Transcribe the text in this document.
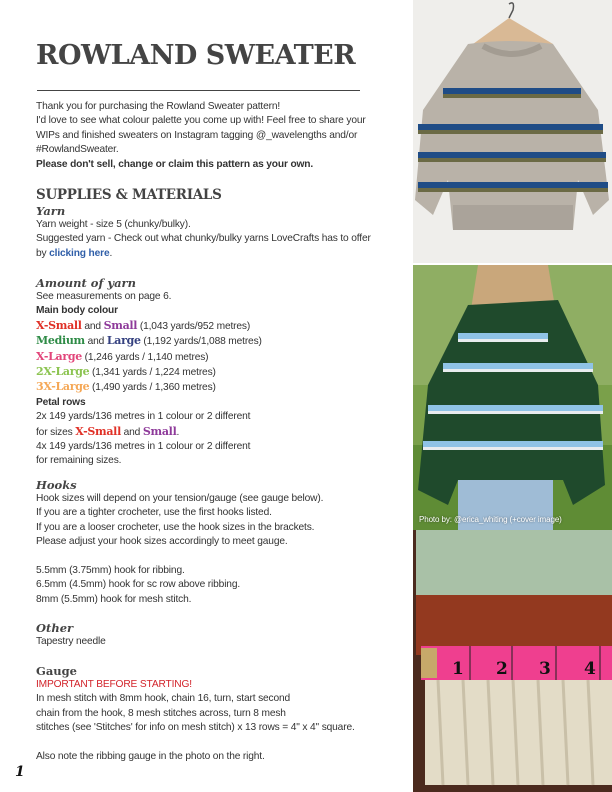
ROWLAND SWEATER
Thank you for purchasing the Rowland Sweater pattern!
I'd love to see what colour palette you come up with! Feel free to share your
WIPs and finished sweaters on Instagram tagging @_wavelengths and/or
#RowlandSweater.
Please don't sell, change or claim this pattern as your own.
SUPPLIES & MATERIALS
Yarn
Yarn weight - size 5 (chunky/bulky).
Suggested yarn - Check out what chunky/bulky yarns LoveCrafts has to offer
by clicking here.
Amount of yarn
See measurements on page 6.
Main body colour
X-Small and Small (1,043 yards/952 metres)
Medium and Large (1,192 yards/1,088 metres)
X-Large (1,246 yards / 1,140 metres)
2X-Large (1,341 yards / 1,224 metres)
3X-Large (1,490 yards / 1,360 metres)
Petal rows
2x 149 yards/136 metres in 1 colour or 2 different
for sizes X-Small and Small.
4x 149 yards/136 metres in 1 colour or 2 different
for remaining sizes.
Hooks
Hook sizes will depend on your tension/gauge (see gauge below).
If you are a tighter crocheter, use the first hooks listed.
If you are a looser crocheter, use the hook sizes in the brackets.
Please adjust your hook sizes accordingly to meet gauge.
5.5mm (3.75mm) hook for ribbing.
6.5mm (4.5mm) hook for sc row above ribbing.
8mm (5.5mm) hook for mesh stitch.
Other
Tapestry needle
Gauge
IMPORTANT BEFORE STARTING!
In mesh stitch with 8mm hook, chain 16, turn, start second
chain from the hook, 8 mesh stitches across, turn 8 mesh
stitches (see 'Stitches' for info on mesh stitch) x 13 rows = 4" x 4" square.
Also note the ribbing gauge in the photo on the right.
1
Photo by: @erica_whiting (+cover image)
1 2 3 4
